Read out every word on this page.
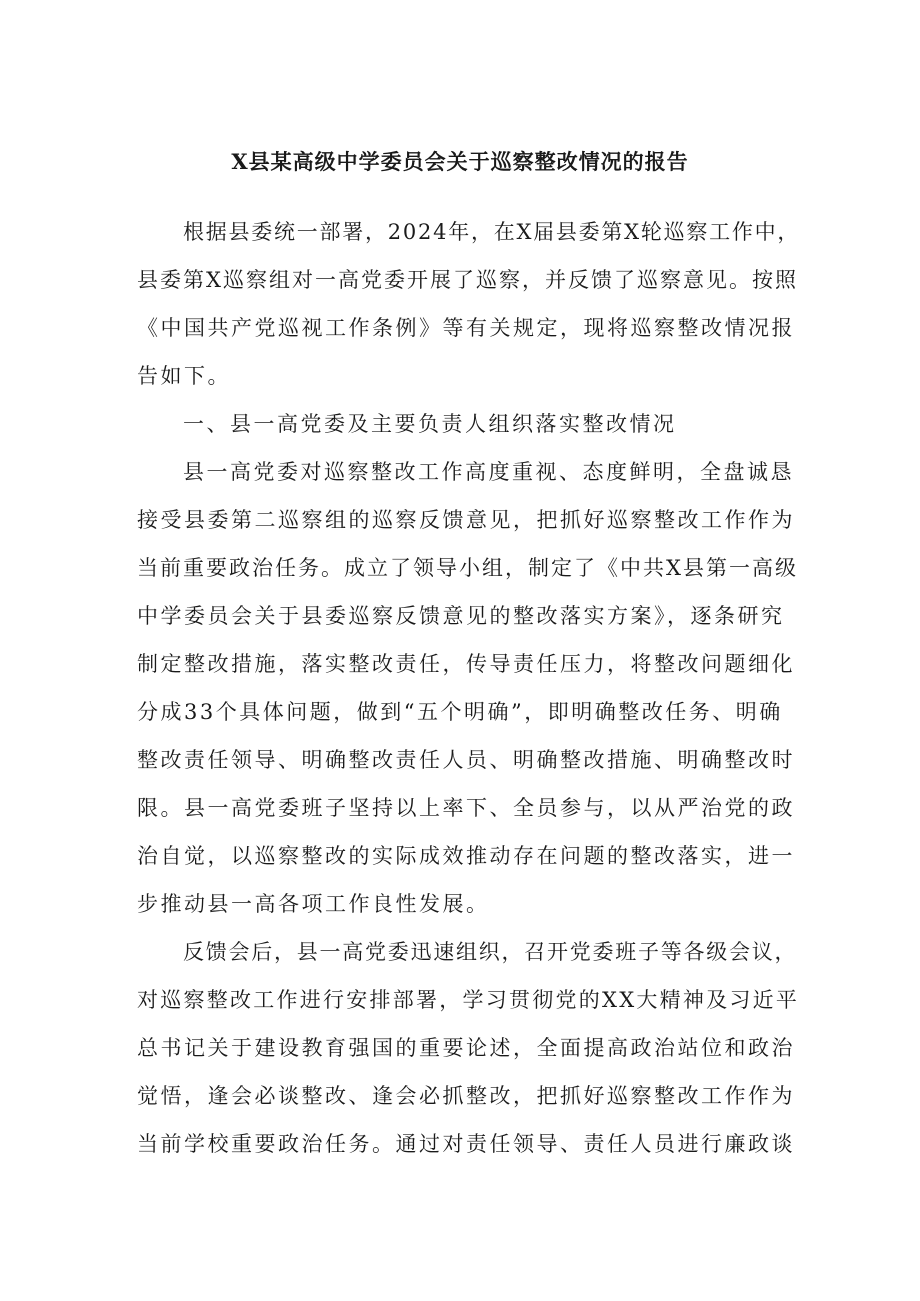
X县某高级中学委员会关于巡察整改情况的报告
根据县委统一部署，2024年，在X届县委第X轮巡察工作中，
县委第X巡察组对一高党委开展了巡察，并反馈了巡察意见。按照
《中国共产党巡视工作条例》等有关规定，现将巡察整改情况报
告如下。
一、县一高党委及主要负责人组织落实整改情况
县一高党委对巡察整改工作高度重视、态度鲜明，全盘诚恳
接受县委第二巡察组的巡察反馈意见，把抓好巡察整改工作作为
当前重要政治任务。成立了领导小组，制定了《中共X县第一高级
中学委员会关于县委巡察反馈意见的整改落实方案》，逐条研究
制定整改措施，落实整改责任，传导责任压力，将整改问题细化
分成33个具体问题，做到“五个明确”，即明确整改任务、明确
整改责任领导、明确整改责任人员、明确整改措施、明确整改时
限。县一高党委班子坚持以上率下、全员参与，以从严治党的政
治自觉，以巡察整改的实际成效推动存在问题的整改落实，进一
步推动县一高各项工作良性发展。
反馈会后，县一高党委迅速组织，召开党委班子等各级会议，
对巡察整改工作进行安排部署，学习贯彻党的XX大精神及习近平
总书记关于建设教育强国的重要论述，全面提高政治站位和政治
觉悟，逢会必谈整改、逢会必抓整改，把抓好巡察整改工作作为
当前学校重要政治任务。通过对责任领导、责任人员进行廉政谈
